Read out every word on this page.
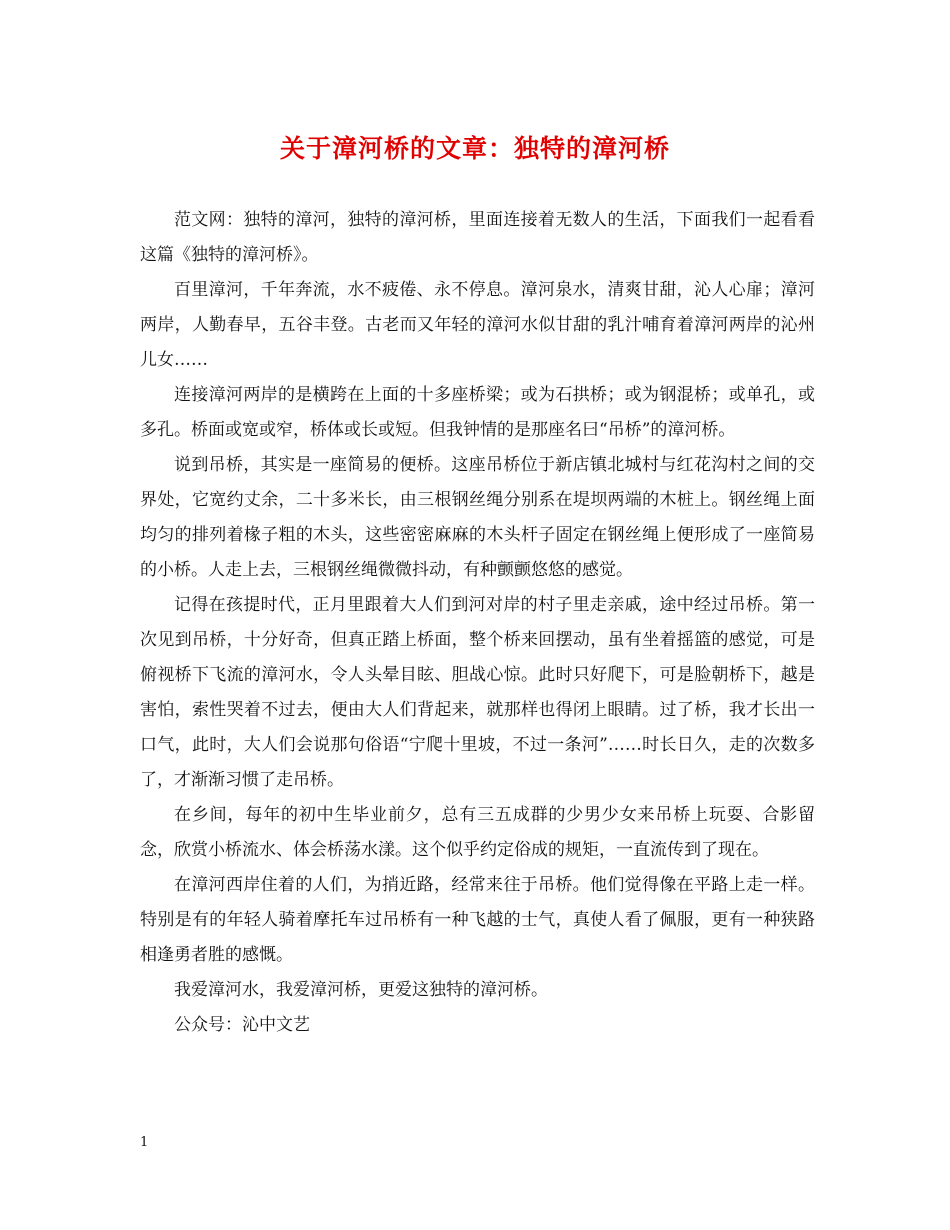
关于漳河桥的文章：独特的漳河桥

范文网：独特的漳河，独特的漳河桥，里面连接着无数人的生活，下面我们一起看看这篇《独特的漳河桥》。

百里漳河，千年奔流，水不疲倦、永不停息。漳河泉水，清爽甘甜，沁人心扉；漳河两岸，人勤春早，五谷丰登。古老而又年轻的漳河水似甘甜的乳汁哺育着漳河两岸的沁州儿女……

连接漳河两岸的是横跨在上面的十多座桥梁；或为石拱桥；或为钢混桥；或单孔，或多孔。桥面或宽或窄，桥体或长或短。但我钟情的是那座名曰“吊桥”的漳河桥。

说到吊桥，其实是一座简易的便桥。这座吊桥位于新店镇北城村与红花沟村之间的交界处，它宽约丈余，二十多米长，由三根钢丝绳分别系在堤坝两端的木桩上。钢丝绳上面均匀的排列着椽子粗的木头，这些密密麻麻的木头杆子固定在钢丝绳上便形成了一座简易的小桥。人走上去，三根钢丝绳微微抖动，有种颤颤悠悠的感觉。

记得在孩提时代，正月里跟着大人们到河对岸的村子里走亲戚，途中经过吊桥。第一次见到吊桥，十分好奇，但真正踏上桥面，整个桥来回摆动，虽有坐着摇篮的感觉，可是俯视桥下飞流的漳河水，令人头晕目眩、胆战心惊。此时只好爬下，可是脸朝桥下，越是害怕，索性哭着不过去，便由大人们背起来，就那样也得闭上眼睛。过了桥，我才长出一口气，此时，大人们会说那句俗语“宁爬十里坡，不过一条河”……时长日久，走的次数多了，才渐渐习惯了走吊桥。

在乡间，每年的初中生毕业前夕，总有三五成群的少男少女来吊桥上玩耍、合影留念，欣赏小桥流水、体会桥荡水漾。这个似乎约定俗成的规矩，一直流传到了现在。

在漳河西岸住着的人们，为捎近路，经常来往于吊桥。他们觉得像在平路上走一样。特别是有的年轻人骑着摩托车过吊桥有一种飞越的士气，真使人看了佩服，更有一种狭路相逢勇者胜的感慨。

我爱漳河水，我爱漳河桥，更爱这独特的漳河桥。

公众号：沁中文艺

1
